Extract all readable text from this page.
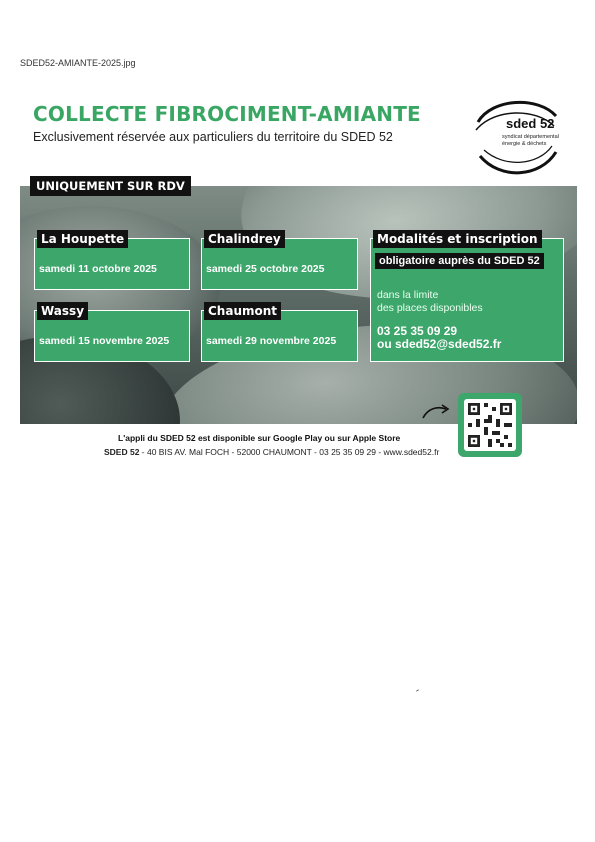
SDED52-AMIANTE-2025.jpg
COLLECTE FIBROCIMENT-AMIANTE
Exclusivement réservée aux particuliers du territoire du SDED 52
sded 52
syndicat départemental énergie & déchets
UNIQUEMENT SUR RDV
La Houpette
samedi 11 octobre 2025
Chalindrey
samedi 25 octobre 2025
Wassy
samedi 15 novembre 2025
Chaumont
samedi 29 novembre 2025
Modalités et inscription
obligatoire auprès du SDED 52
dans la limite
des places disponibles
03 25 35 09 29
ou sded52@sded52.fr
L'appli du SDED 52 est disponible sur Google Play ou sur Apple Store
SDED 52 - 40 BIS AV. Mal FOCH - 52000 CHAUMONT - 03 25 35 09 29 - www.sded52.fr
